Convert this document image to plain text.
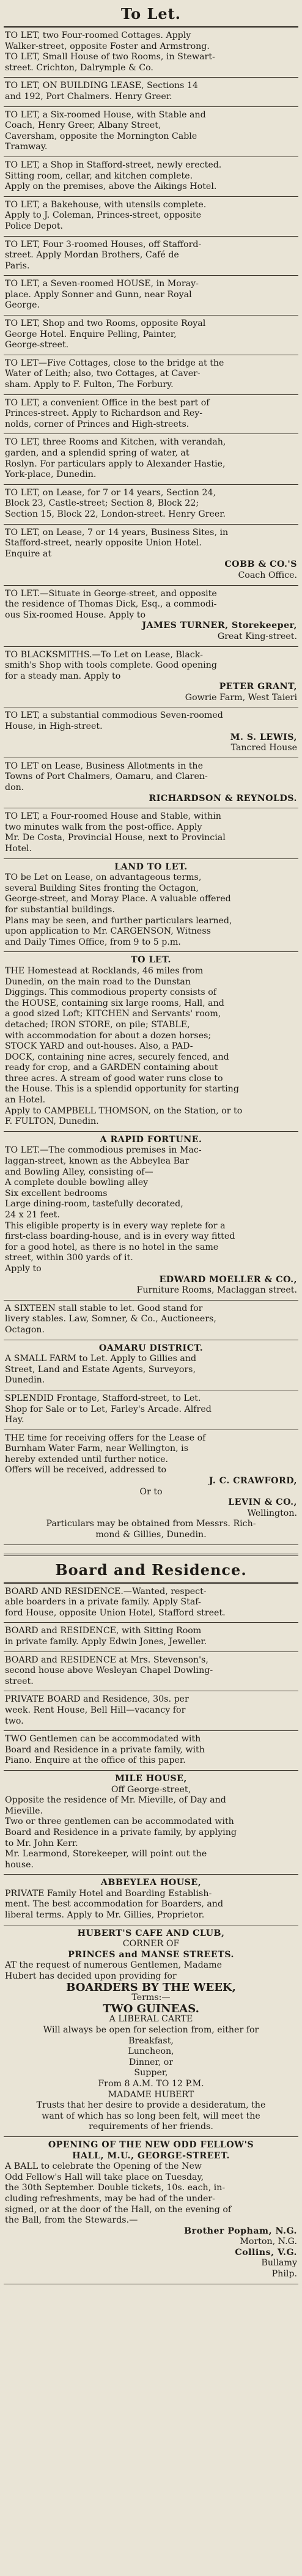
To Let.
TO LET, two Four-roomed Cottages. Apply
Walker-street, opposite Foster and Armstrong.
TO LET, Small House of two Rooms, in Stewart-
street. Crichton, Dalrymple & Co.
TO LET, ON BUILDING LEASE, Sections 14
and 192, Port Chalmers. Henry Greer.
TO LET, a Six-roomed House, with Stable and
Coach, Henry Greer, Albany Street,
Caversham, opposite the Mornington Cable
Tramway.
TO LET, a Shop in Stafford-street, newly erected.
Sitting room, cellar, and kitchen complete.
Apply on the premises, above the Aikings Hotel.
TO LET, a Bakehouse, with utensils complete.
Apply to J. Coleman, Princes-street, opposite
Police Depot.
TO LET, Four 3-roomed Houses, off Stafford-
street. Apply Mordan Brothers, Café de
Paris.
TO LET, a Seven-roomed HOUSE, in Moray-
place. Apply Sonner and Gunn, near Royal
George.
TO LET, Shop and two Rooms, opposite Royal
George Hotel. Enquire Pelling, Painter,
George-street.
TO LET—Five Cottages, close to the bridge at the
Water of Leith; also, two Cottages, at Caver-
sham. Apply to F. Fulton, The Forbury.
TO LET, a convenient Office in the best part of
Princes-street. Apply to Richardson and Rey-
nolds, corner of Princes and High-streets.
TO LET, three Rooms and Kitchen, with verandah,
garden, and a splendid spring of water, at
Roslyn. For particulars apply to Alexander Hastie,
York-place, Dunedin.
TO LET, on Lease, for 7 or 14 years, Section 24,
Block 23, Castle-street; Section 8, Block 22;
Section 15, Block 22, London-street. Henry Greer.
TO LET, on Lease, 7 or 14 years, Business Sites, in
Stafford-street, nearly opposite Union Hotel.
Enquire at
COBB & CO.'S
Coach Office.
TO LET.—Situate in George-street, and opposite
the residence of Thomas Dick, Esq., a commodi-
ous Six-roomed House. Apply to
JAMES TURNER, Storekeeper,
Great King-street.
TO BLACKSMITHS.—To Let on Lease, Black-
smith's Shop with tools complete. Good opening
for a steady man. Apply to
PETER GRANT,
Gowrie Farm, West Taieri
TO LET, a substantial commodious Seven-roomed
House, in High-street.
M. S. LEWIS,
Tancred House
TO LET on Lease, Business Allotments in the
Towns of Port Chalmers, Oamaru, and Claren-
don.
RICHARDSON & REYNOLDS.
TO LET, a Four-roomed House and Stable, within
two minutes walk from the post-office. Apply
Mr. De Costa, Provincial House, next to Provincial
Hotel.
LAND TO LET.
TO be Let on Lease, on advantageous terms,
several Building Sites fronting the Octagon,
George-street, and Moray Place. A valuable offered
for substantial buildings.
Plans may be seen, and further particulars learned,
upon application to Mr. CARGENSON, Witness
and Daily Times Office, from 9 to 5 p.m.
TO LET.
THE Homestead at Rocklands, 46 miles from
Dunedin, on the main road to the Dunstan
Diggings. This commodious property consists of
the HOUSE, containing six large rooms, Hall, and
a good sized Loft; KITCHEN and Servants' room,
detached; IRON STORE, on pile; STABLE,
with accommodation for about a dozen horses;
STOCK YARD and out-houses. Also, a PAD-
DOCK, containing nine acres, securely fenced, and
ready for crop, and a GARDEN containing about
three acres. A stream of good water runs close to
the House. This is a splendid opportunity for starting
an Hotel.
Apply to CAMPBELL THOMSON, on the Station, or to
F. FULTON, Dunedin.
A RAPID FORTUNE.
TO LET.—The commodious premises in Mac-
laggan-street, known as the Abbeylea Bar
and Bowling Alley, consisting of—
A complete double bowling alley
Six excellent bedrooms
Large dining-room, tastefully decorated,
24 x 21 feet.
This eligible property is in every way replete for a
first-class boarding-house, and is in every way fitted
for a good hotel, as there is no hotel in the same
street, within 300 yards of it.
Apply to
EDWARD MOELLER & CO.,
Furniture Rooms, Maclaggan street.
A SIXTEEN stall stable to let. Good stand for
livery stables. Law, Somner, & Co., Auctioneers,
Octagon.
OAMARU DISTRICT.
A SMALL FARM to Let. Apply to Gillies and
Street, Land and Estate Agents, Surveyors,
Dunedin.
SPLENDID Frontage, Stafford-street, to Let.
Shop for Sale or to Let, Farley's Arcade. Alfred
Hay.
THE time for receiving offers for the Lease of
Burnham Water Farm, near Wellington, is
hereby extended until further notice.
Offers will be received, addressed to
J. C. CRAWFORD,
Or to
LEVIN & CO.,
Wellington.
Particulars may be obtained from Messrs. Rich-
mond & Gillies, Dunedin.
Board and Residence.
BOARD AND RESIDENCE.—Wanted, respect-
able boarders in a private family. Apply Staf-
ford House, opposite Union Hotel, Stafford street.
BOARD and RESIDENCE, with Sitting Room
in private family. Apply Edwin Jones, Jeweller.
BOARD and RESIDENCE at Mrs. Stevenson's,
second house above Wesleyan Chapel Dowling-
street.
PRIVATE BOARD and Residence, 30s. per
week. Rent House, Bell Hill—vacancy for
two.
TWO Gentlemen can be accommodated with
Board and Residence in a private family, with
Piano. Enquire at the office of this paper.
MILE HOUSE,
Off George-street,
Opposite the residence of Mr. Mieville, of Day and
Mieville.
Two or three gentlemen can be accommodated with
Board and Residence in a private family, by applying
to Mr. John Kerr.
Mr. Learmond, Storekeeper, will point out the
house.
ABBEYLEA HOUSE,
PRIVATE Family Hotel and Boarding Establish-
ment. The best accommodation for Boarders, and
liberal terms. Apply to Mr. Gillies, Proprietor.
HUBERT'S CAFE AND CLUB,
CORNER OF
PRINCES and MANSE STREETS.
AT the request of numerous Gentlemen, Madame
Hubert has decided upon providing for
BOARDERS BY THE WEEK,
Terms:—
TWO GUINEAS.
A LIBERAL CARTE
Will always be open for selection from, either for
Breakfast,
Luncheon,
Dinner, or
Supper,
From 8 A.M. TO 12 P.M.
MADAME HUBERT
Trusts that her desire to provide a desideratum, the
want of which has so long been felt, will meet the
requirements of her friends.
OPENING OF THE NEW ODD FELLOW'S
HALL, M.U., GEORGE-STREET.
A BALL to celebrate the Opening of the New
Odd Fellow's Hall will take place on Tuesday,
the 30th September. Double tickets, 10s. each, in-
cluding refreshments, may be had of the under-
signed, or at the door of the Hall, on the evening of
the Ball, from the Stewards.—
Brother Popham, N.G.
Morton, N.G.
Collins, V.G.
Bullamy
Philp.
